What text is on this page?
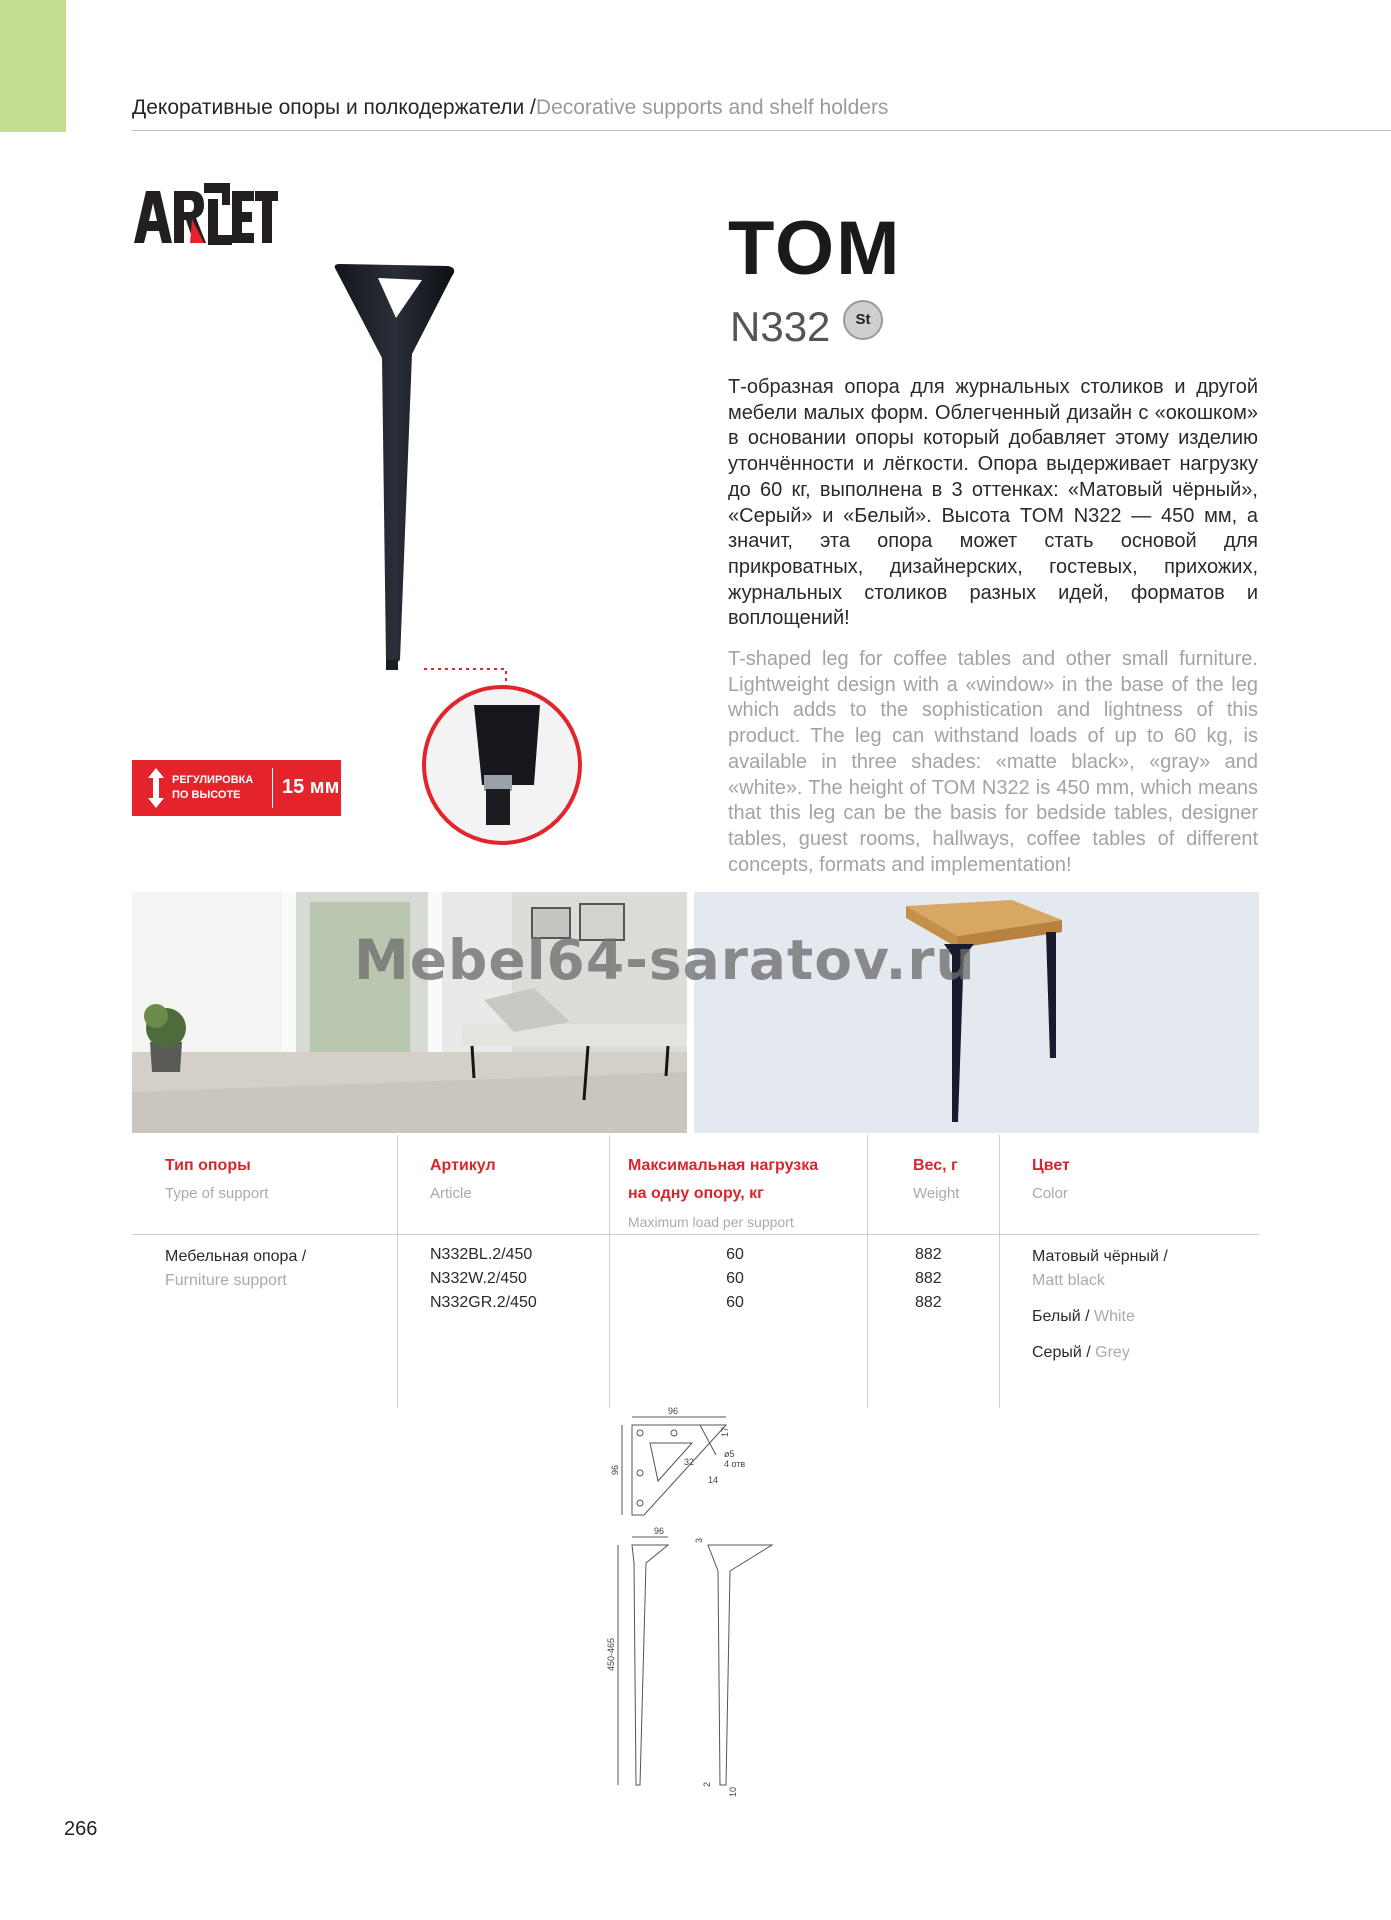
Декоративные опоры и полкодержатели /Decorative supports and shelf holders
РЕГУЛИРОВКА
ПО ВЫСОТЕ	15 мм
TOM
N332	St

Т-образная опора для журнальных столиков и другой мебели малых форм. Облегченный дизайн с «окошком» в основании опоры который добавляет этому изделию утончённости и лёгкости. Опора выдерживает нагрузку до 60 кг, выполнена в 3 оттенках: «Матовый чёрный», «Серый» и «Белый». Высота TOM N322 — 450 мм, а значит, эта опора может стать основой для прикроватных, дизайнерских, гостевых, прихожих, журнальных столиков разных идей, форматов и воплощений!

T-shaped leg for coffee tables and other small furniture. Lightweight design with a «window» in the base of the leg which adds to the sophistication and lightness of this product. The leg can withstand loads of up to 60 kg, is available in three shades: «matte black», «gray» and «white». The height of TOM N322 is 450 mm, which means that this leg can be the basis for bedside tables, designer tables, guest rooms, hallways, coffee tables of different concepts, formats and implementation!

Mebel64-saratov.ru
Тип опоры
Type of support
Артикул
Article
Максимальная нагрузка
на одну опору, кг
Maximum load per support
Вес, г
Weight
Цвет
Color
Мебельная опора /
Furniture support
N332BL.2/450
N332W.2/450
N332GR.2/450
60
60
60
882
882
882
Матовый чёрный /
Matt black
Белый / White
Серый / Grey
96
96
17
32
ø5
4 отв
14
96
3
450-465
2
10
266
